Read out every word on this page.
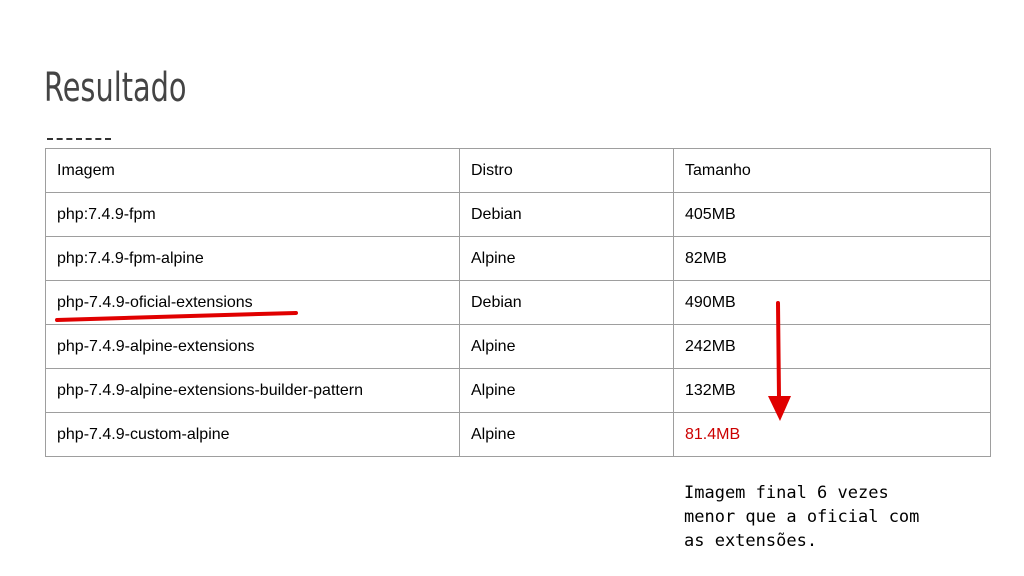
Resultado
Imagem	Distro	Tamanho
php:7.4.9-fpm	Debian	405MB
php:7.4.9-fpm-alpine	Alpine	82MB
php-7.4.9-oficial-extensions	Debian	490MB
php-7.4.9-alpine-extensions	Alpine	242MB
php-7.4.9-alpine-extensions-builder-pattern	Alpine	132MB
php-7.4.9-custom-alpine	Alpine	81.4MB

Imagem final 6 vezes
menor que a oficial com
as extensões.
